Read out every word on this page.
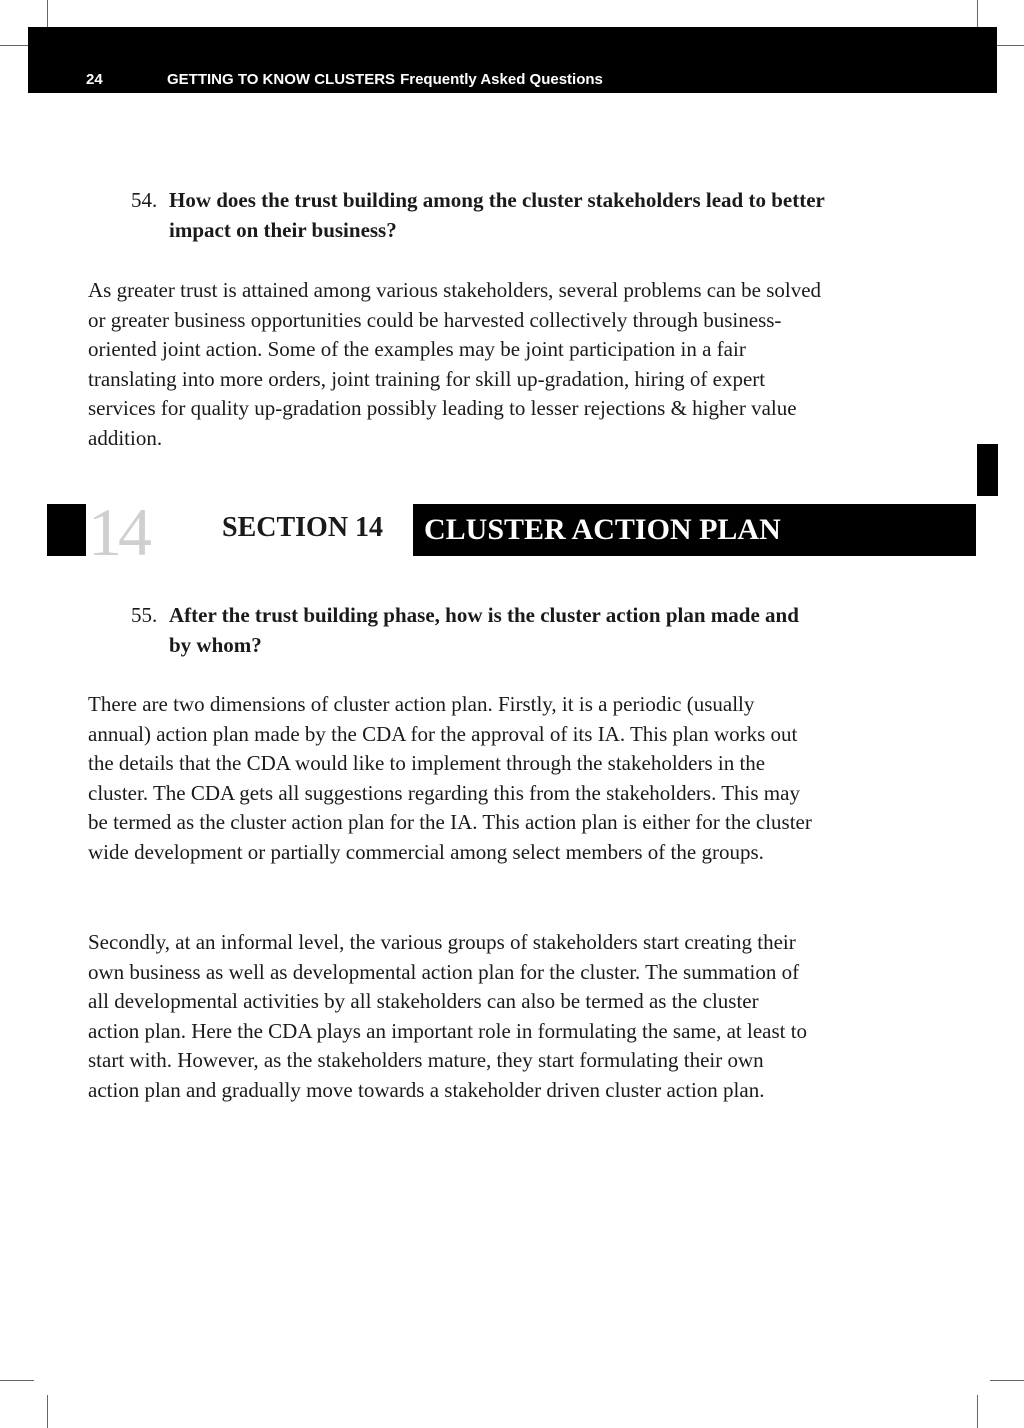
24	GETTING TO KNOW CLUSTERS Frequently Asked Questions
54. How does the trust building among the cluster stakeholders lead to better impact on their business?

As greater trust is attained among various stakeholders, several problems can be solved or greater business opportunities could be harvested collectively through business-oriented joint action. Some of the examples may be joint participation in a fair translating into more orders, joint training for skill up-gradation, hiring of expert services for quality up-gradation possibly leading to lesser rejections & higher value addition.

14	SECTION 14 CLUSTER ACTION PLAN
55. After the trust building phase, how is the cluster action plan made and by whom?

There are two dimensions of cluster action plan. Firstly, it is a periodic (usually annual) action plan made by the CDA for the approval of its IA. This plan works out the details that the CDA would like to implement through the stakeholders in the cluster. The CDA gets all suggestions regarding this from the stakeholders. This may be termed as the cluster action plan for the IA. This action plan is either for the cluster wide development or partially commercial among select members of the groups.

Secondly, at an informal level, the various groups of stakeholders start creating their own business as well as developmental action plan for the cluster. The summation of all developmental activities by all stakeholders can also be termed as the cluster action plan. Here the CDA plays an important role in formulating the same, at least to start with. However, as the stakeholders mature, they start formulating their own action plan and gradually move towards a stakeholder driven cluster action plan.
